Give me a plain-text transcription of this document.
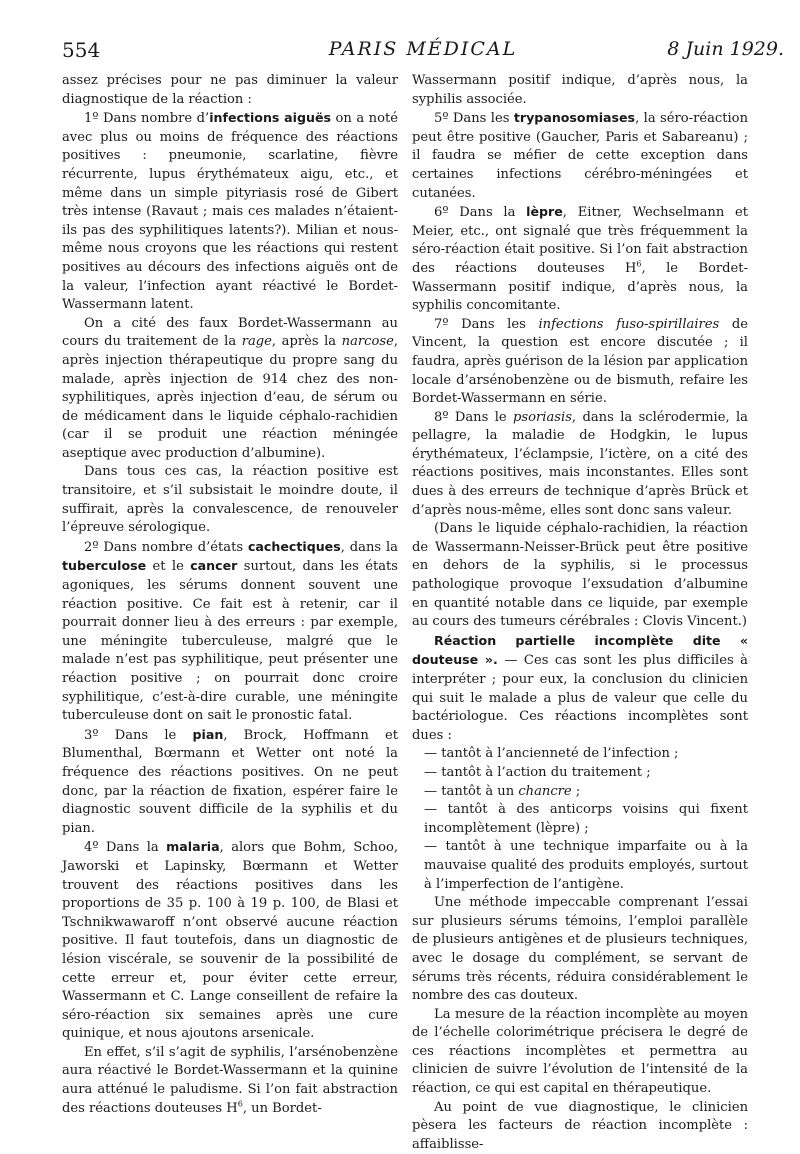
554	PARIS MÉDICAL	8 Juin 1929.

assez précises pour ne pas diminuer la valeur diagnostique de la réaction :

1º Dans nombre d’infections aiguës on a noté avec plus ou moins de fréquence des réactions positives : pneumonie, scarlatine, fièvre récurrente, lupus érythémateux aigu, etc., et même dans un simple pityriasis rosé de Gibert très intense (Ravaut ; mais ces malades n’étaient-ils pas des syphilitiques latents?). Milian et nous-même nous croyons que les réactions qui restent positives au décours des infections aiguës ont de la valeur, l’infection ayant réactivé le Bordet-Wassermann latent.

On a cité des faux Bordet-Wassermann au cours du traitement de la rage, après la narcose, après injection thérapeutique du propre sang du malade, après injection de 914 chez des non-syphilitiques, après injection d’eau, de sérum ou de médicament dans le liquide céphalo-rachidien (car il se produit une réaction méningée aseptique avec production d’albumine).

Dans tous ces cas, la réaction positive est transitoire, et s’il subsistait le moindre doute, il suffirait, après la convalescence, de renouveler l’épreuve sérologique.

2º Dans nombre d’états cachectiques, dans la tuberculose et le cancer surtout, dans les états agoniques, les sérums donnent souvent une réaction positive. Ce fait est à retenir, car il pourrait donner lieu à des erreurs : par exemple, une méningite tuberculeuse, malgré que le malade n’est pas syphilitique, peut présenter une réaction positive ; on pourrait donc croire syphilitique, c’est-à-dire curable, une méningite tuberculeuse dont on sait le pronostic fatal.

3º Dans le pian, Brock, Hoffmann et Blumenthal, Bœrmann et Wetter ont noté la fréquence des réactions positives. On ne peut donc, par la réaction de fixation, espérer faire le diagnostic souvent difficile de la syphilis et du pian.

4º Dans la malaria, alors que Bohm, Schoo, Jaworski et Lapinsky, Bœrmann et Wetter trouvent des réactions positives dans les proportions de 35 p. 100 à 19 p. 100, de Blasi et Tschnikwawaroff n’ont observé aucune réaction positive. Il faut toutefois, dans un diagnostic de lésion viscérale, se souvenir de la possibilité de cette erreur et, pour éviter cette erreur, Wassermann et C. Lange conseillent de refaire la séro-réaction six semaines après une cure quinique, et nous ajoutons arsenicale.

En effet, s’il s’agit de syphilis, l’arsénobenzène aura réactivé le Bordet-Wassermann et la quinine aura atténué le paludisme. Si l’on fait abstraction des réactions douteuses $H^6$, un Bordet-

Wassermann positif indique, d’après nous, la syphilis associée.

5º Dans les trypanosomiases, la séro-réaction peut être positive (Gaucher, Paris et Sabareanu) ; il faudra se méfier de cette exception dans certaines infections cérébro-méningées et cutanées.

6º Dans la lèpre, Eitner, Wechselmann et Meier, etc., ont signalé que très fréquemment la séro-réaction était positive. Si l’on fait abstraction des réactions douteuses $H^6$, le Bordet-Wassermann positif indique, d’après nous, la syphilis concomitante.

7º Dans les infections fuso-spirillaires de Vincent, la question est encore discutée ; il faudra, après guérison de la lésion par application locale d’arsénobenzène ou de bismuth, refaire les Bordet-Wassermann en série.

8º Dans le psoriasis, dans la sclérodermie, la pellagre, la maladie de Hodgkin, le lupus érythémateux, l’éclampsie, l’ictère, on a cité des réactions positives, mais inconstantes. Elles sont dues à des erreurs de technique d’après Brück et d’après nous-même, elles sont donc sans valeur.

(Dans le liquide céphalo-rachidien, la réaction de Wassermann-Neisser-Brück peut être positive en dehors de la syphilis, si le processus pathologique provoque l’exsudation d’albumine en quantité notable dans ce liquide, par exemple au cours des tumeurs cérébrales : Clovis Vincent.)

Réaction partielle incomplète dite « douteuse ». — Ces cas sont les plus difficiles à interpréter ; pour eux, la conclusion du clinicien qui suit le malade a plus de valeur que celle du bactériologue. Ces réactions incomplètes sont dues :

— tantôt à l’ancienneté de l’infection ;

— tantôt à l’action du traitement ;

— tantôt à un chancre ;

— tantôt à des anticorps voisins qui fixent incomplètement (lèpre) ;

— tantôt à une technique imparfaite ou à la mauvaise qualité des produits employés, surtout à l’imperfection de l’antigène.

Une méthode impeccable comprenant l’essai sur plusieurs sérums témoins, l’emploi parallèle de plusieurs antigènes et de plusieurs techniques, avec le dosage du complément, se servant de sérums très récents, réduira considérablement le nombre des cas douteux.

La mesure de la réaction incomplète au moyen de l’échelle colorimétrique précisera le degré de ces réactions incomplètes et permettra au clinicien de suivre l’évolution de l’intensité de la réaction, ce qui est capital en thérapeutique.

Au point de vue diagnostique, le clinicien pèsera les facteurs de réaction incomplète : affaiblisse-
